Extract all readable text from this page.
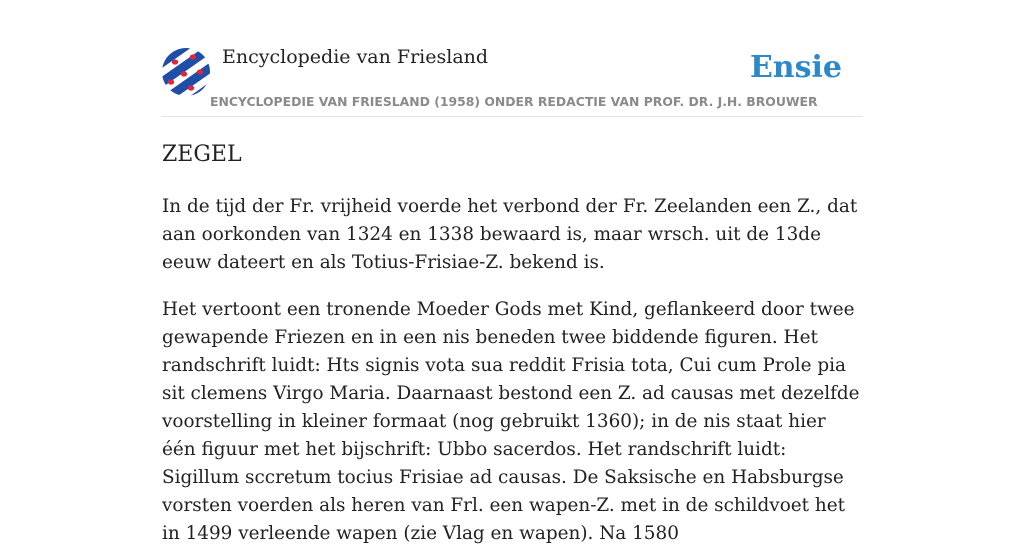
Encyclopedie van Friesland	Ensie
ENCYCLOPEDIE VAN FRIESLAND (1958) ONDER REDACTIE VAN PROF. DR. J.H. BROUWER
ZEGEL

In de tijd der Fr. vrijheid voerde het verbond der Fr. Zeelanden een Z., dat aan oorkonden van 1324 en 1338 bewaard is, maar wrsch. uit de 13de eeuw dateert en als Totius-Frisiae-Z. bekend is.

Het vertoont een tronende Moeder Gods met Kind, geflankeerd door twee gewapende Friezen en in een nis beneden twee biddende figuren. Het randschrift luidt: Hts signis vota sua reddit Frisia tota, Cui cum Prole pia sit clemens Virgo Maria. Daarnaast bestond een Z. ad causas met dezelfde voorstelling in kleiner formaat (nog gebruikt 1360); in de nis staat hier één figuur met het bijschrift: Ubbo sacerdos. Het randschrift luidt: Sigillum sccretum tocius Frisiae ad causas. De Saksische en Habsburgse vorsten voerden als heren van Frl. een wapen-Z. met in de schildvoet het in 1499 verleende wapen (zie Vlag en wapen). Na 1580
